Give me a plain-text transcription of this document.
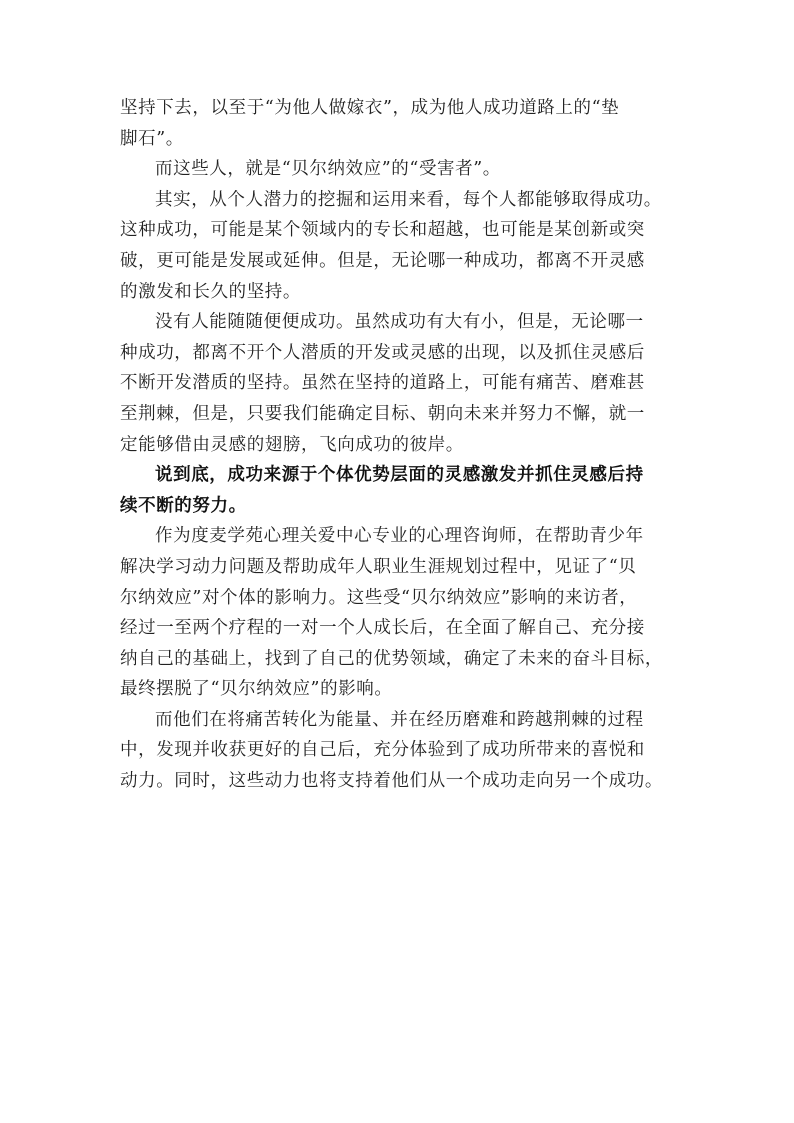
坚持下去，以至于“为他人做嫁衣”，成为他人成功道路上的“垫
脚石”。
而这些人，就是“贝尔纳效应”的“受害者”。
其实，从个人潜力的挖掘和运用来看，每个人都能够取得成功。
这种成功，可能是某个领域内的专长和超越，也可能是某创新或突
破，更可能是发展或延伸。但是，无论哪一种成功，都离不开灵感
的激发和长久的坚持。
没有人能随随便便成功。虽然成功有大有小，但是，无论哪一
种成功，都离不开个人潜质的开发或灵感的出现，以及抓住灵感后
不断开发潜质的坚持。虽然在坚持的道路上，可能有痛苦、磨难甚
至荆棘，但是，只要我们能确定目标、朝向未来并努力不懈，就一
定能够借由灵感的翅膀，飞向成功的彼岸。
说到底，成功来源于个体优势层面的灵感激发并抓住灵感后持
续不断的努力。
作为度麦学苑心理关爱中心专业的心理咨询师，在帮助青少年
解决学习动力问题及帮助成年人职业生涯规划过程中，见证了“贝
尔纳效应”对个体的影响力。这些受“贝尔纳效应”影响的来访者，
经过一至两个疗程的一对一个人成长后，在全面了解自己、充分接
纳自己的基础上，找到了自己的优势领域，确定了未来的奋斗目标，
最终摆脱了“贝尔纳效应”的影响。
而他们在将痛苦转化为能量、并在经历磨难和跨越荆棘的过程
中，发现并收获更好的自己后，充分体验到了成功所带来的喜悦和
动力。同时，这些动力也将支持着他们从一个成功走向另一个成功。
